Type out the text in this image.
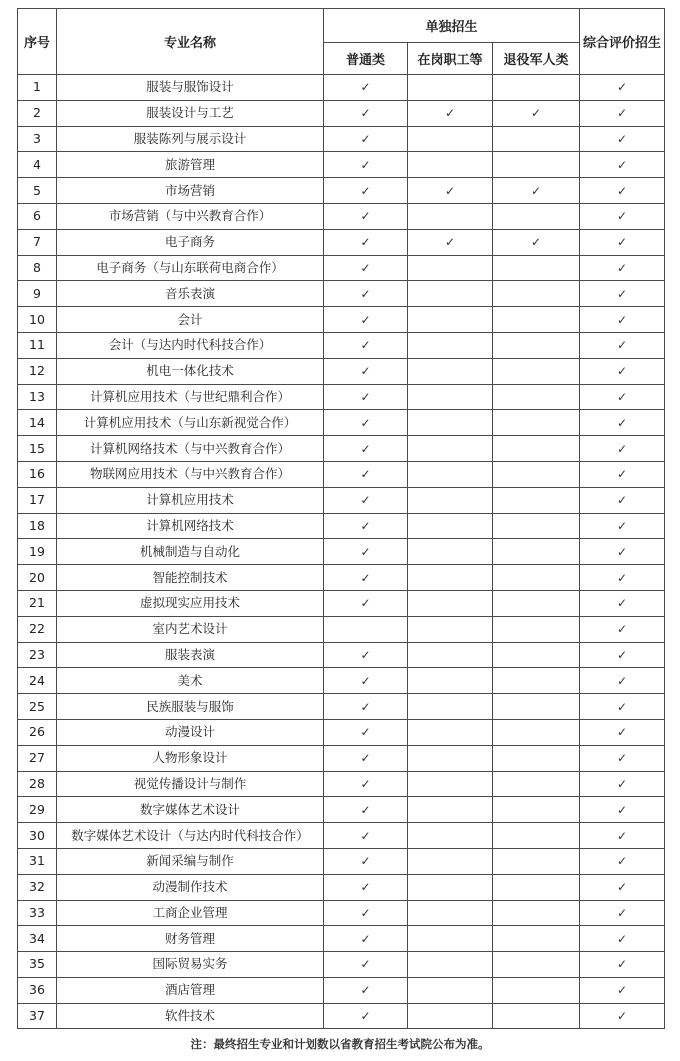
序号	专业名称	单独招生			综合评价招生
		普通类	在岗职工等	退役军人类	
1	服装与服饰设计	✓			✓
2	服装设计与工艺	✓	✓	✓	✓
3	服装陈列与展示设计	✓			✓
4	旅游管理	✓			✓
5	市场营销	✓	✓	✓	✓
6	市场营销（与中兴教育合作）	✓			✓
7	电子商务	✓	✓	✓	✓
8	电子商务（与山东联荷电商合作）	✓			✓
9	音乐表演	✓			✓
10	会计	✓			✓
11	会计（与达内时代科技合作）	✓			✓
12	机电一体化技术	✓			✓
13	计算机应用技术（与世纪鼎利合作）	✓			✓
14	计算机应用技术（与山东新视觉合作）	✓			✓
15	计算机网络技术（与中兴教育合作）	✓			✓
16	物联网应用技术（与中兴教育合作）	✓			✓
17	计算机应用技术	✓			✓
18	计算机网络技术	✓			✓
19	机械制造与自动化	✓			✓
20	智能控制技术	✓			✓
21	虚拟现实应用技术	✓			✓
22	室内艺术设计				✓
23	服装表演	✓			✓
24	美术	✓			✓
25	民族服装与服饰	✓			✓
26	动漫设计	✓			✓
27	人物形象设计	✓			✓
28	视觉传播设计与制作	✓			✓
29	数字媒体艺术设计	✓			✓
30	数字媒体艺术设计（与达内时代科技合作）	✓			✓
31	新闻采编与制作	✓			✓
32	动漫制作技术	✓			✓
33	工商企业管理	✓			✓
34	财务管理	✓			✓
35	国际贸易实务	✓			✓
36	酒店管理	✓			✓
37	软件技术	✓			✓
注：最终招生专业和计划数以省教育招生考试院公布为准。
